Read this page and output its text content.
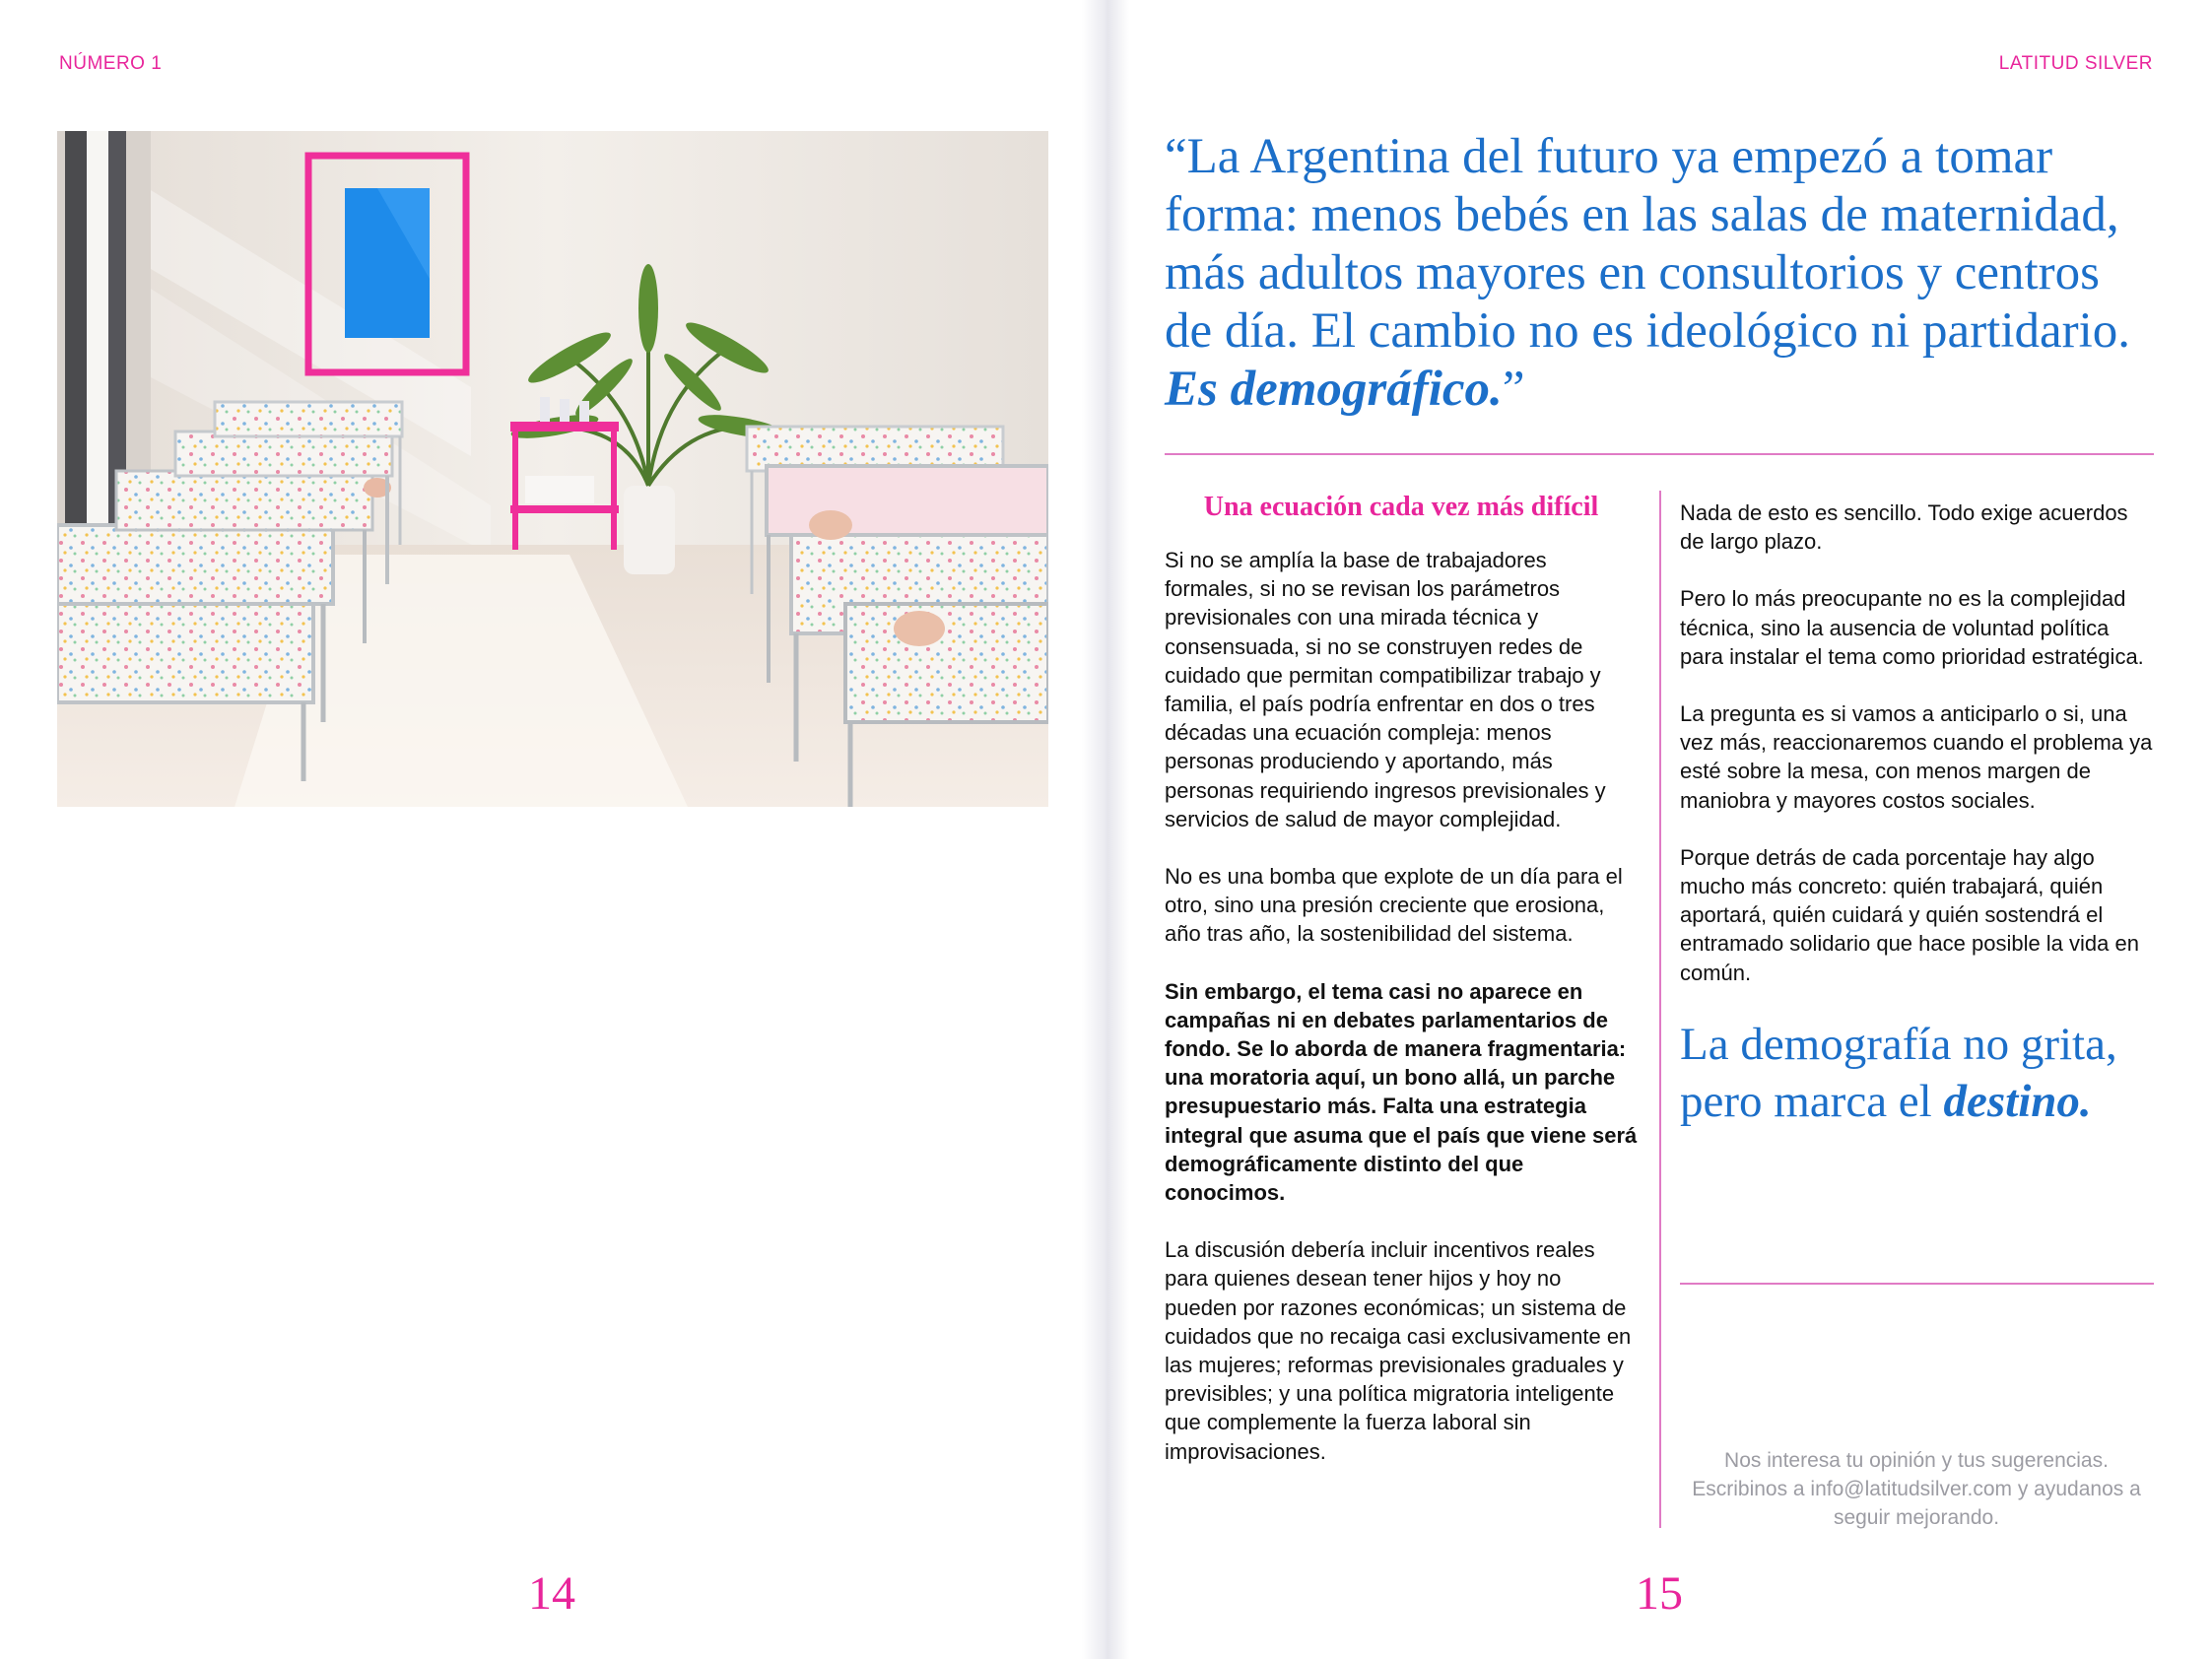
NÚMERO 1
14
LATITUD SILVER
15
“La Argentina del futuro ya empezó a tomar forma: menos bebés en las salas de maternidad, más adultos mayores en consultorios y centros de día. El cambio no es ideológico ni partidario. Es demográfico.”
Una ecuación cada vez más difícil

Si no se amplía la base de trabajadores formales, si no se revisan los parámetros previsionales con una mirada técnica y consensuada, si no se construyen redes de cuidado que permitan compatibilizar trabajo y familia, el país podría enfrentar en dos o tres décadas una ecuación compleja: menos personas produciendo y aportando, más personas requiriendo ingresos previsionales y servicios de salud de mayor complejidad.

No es una bomba que explote de un día para el otro, sino una presión creciente que erosiona, año tras año, la sostenibilidad del sistema.

Sin embargo, el tema casi no aparece en campañas ni en debates parlamentarios de fondo. Se lo aborda de manera fragmentaria: una moratoria aquí, un bono allá, un parche presupuestario más. Falta una estrategia integral que asuma que el país que viene será demográficamente distinto del que conocimos.

La discusión debería incluir incentivos reales para quienes desean tener hijos y hoy no pueden por razones económicas; un sistema de cuidados que no recaiga casi exclusivamente en las mujeres; reformas previsionales graduales y previsibles; y una política migratoria inteligente que complemente la fuerza laboral sin improvisaciones.

Nada de esto es sencillo. Todo exige acuerdos de largo plazo.

Pero lo más preocupante no es la complejidad técnica, sino la ausencia de voluntad política para instalar el tema como prioridad estratégica.

La pregunta es si vamos a anticiparlo o si, una vez más, reaccionaremos cuando el problema ya esté sobre la mesa, con menos margen de maniobra y mayores costos sociales.

Porque detrás de cada porcentaje hay algo mucho más concreto: quién trabajará, quién aportará, quién cuidará y quién sostendrá el entramado solidario que hace posible la vida en común.

La demografía no grita, pero marca el destino.
Nos interesa tu opinión y tus sugerencias. Escribinos a info@latitudsilver.com y ayudanos a seguir mejorando.
